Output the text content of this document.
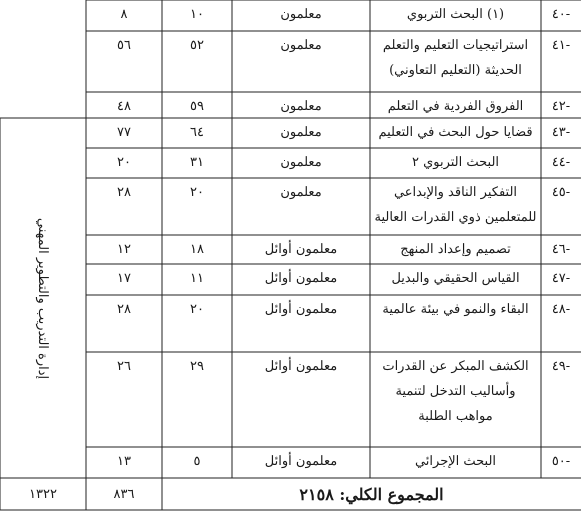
إدارة التدريب والتطوير المهني
-٤٠
(١) البحث التربوي
معلمون
١٠
٨
-٤١
استراتيجيات التعليم والتعلم الحديثة (التعليم التعاوني)
معلمون
٥٢
٥٦
-٤٢
الفروق الفردية في التعلم
معلمون
٥٩
٤٨
-٤٣
قضايا حول البحث في التعليم
معلمون
٦٤
٧٧
-٤٤
البحث التربوي ٢
معلمون
٣١
٢٠
-٤٥
التفكير الناقد والإبداعي للمتعلمين ذوي القدرات العالية
معلمون
٢٠
٢٨
-٤٦
تصميم وإعداد المنهج
معلمون أوائل
١٨
١٢
-٤٧
القياس الحقيقي والبديل
معلمون أوائل
١١
١٧
-٤٨
البقاء والنمو في بيئة عالمية
معلمون أوائل
٢٠
٢٨
-٤٩
الكشف المبكر عن القدرات وأساليب التدخل لتنمية مواهب الطلبة
معلمون أوائل
٢٩
٢٦
-٥٠
البحث الإجرائي
معلمون أوائل
٥
١٣
المجموع الكلي: ٢١٥٨
٨٣٦
١٣٢٢
